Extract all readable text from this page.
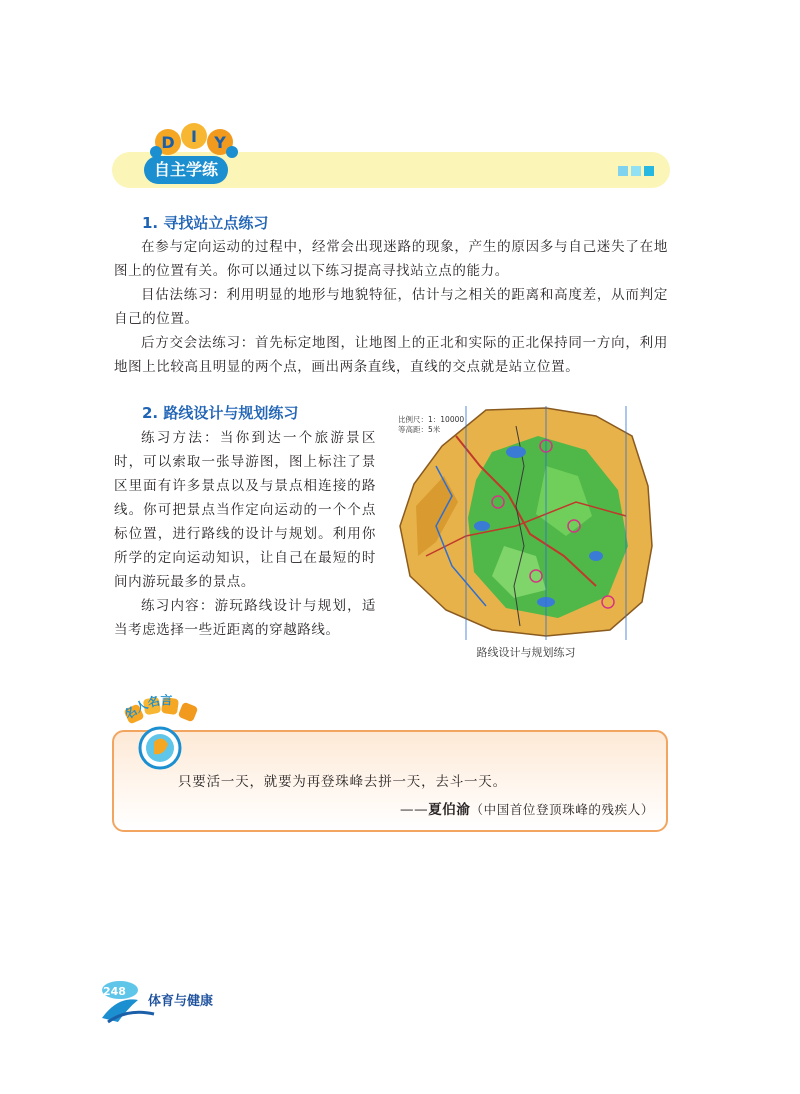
D I Y
自主学练
1. 寻找站立点练习

在参与定向运动的过程中，经常会出现迷路的现象，产生的原因多与自己迷失了在地图上的位置有关。你可以通过以下练习提高寻找站立点的能力。

目估法练习：利用明显的地形与地貌特征，估计与之相关的距离和高度差，从而判定自己的位置。

后方交会法练习：首先标定地图，让地图上的正北和实际的正北保持同一方向，利用地图上比较高且明显的两个点，画出两条直线，直线的交点就是站立位置。

2. 路线设计与规划练习

练习方法：当你到达一个旅游景区时，可以索取一张导游图，图上标注了景区里面有许多景点以及与景点相连接的路线。你可把景点当作定向运动的一个个点标位置，进行路线的设计与规划。利用你所学的定向运动知识，让自己在最短的时间内游玩最多的景点。

练习内容：游玩路线设计与规划，适当考虑选择一些近距离的穿越路线。

比例尺：1：10000
等高距：5米
路线设计与规划练习
名人名言
只要活一天，就要为再登珠峰去拼一天，去斗一天。
——夏伯渝（中国首位登顶珠峰的残疾人）
248
体育与健康
